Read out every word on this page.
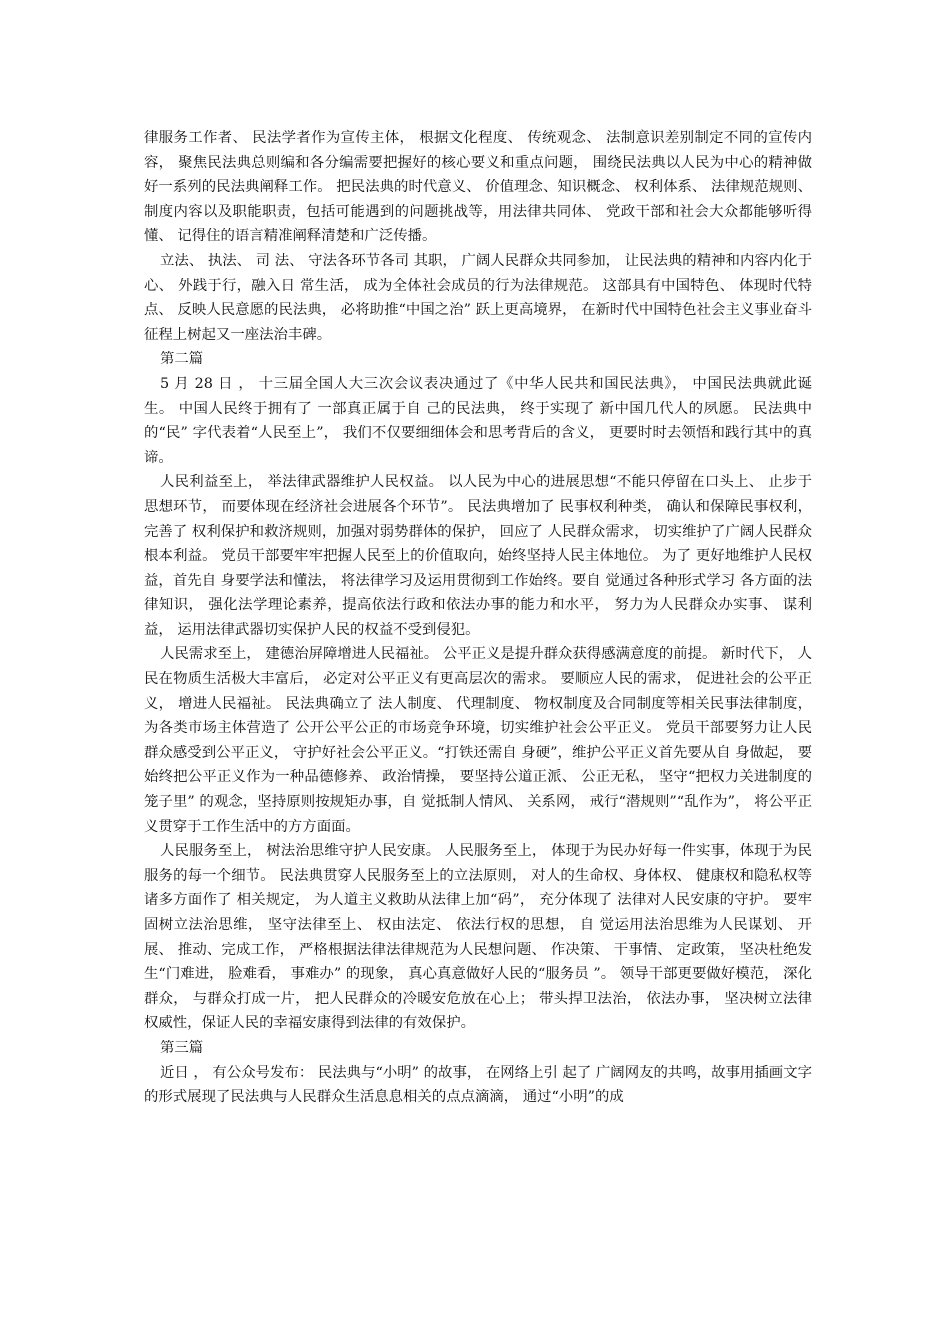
律服务工作者、 民法学者作为宣传主体， 根据文化程度、 传统观念、 法制意识差别制定不同的宣传内容， 聚焦民法典总则编和各分编需要把握好的核心要义和重点问题， 围绕民法典以人民为中心的精神做好一系列的民法典阐释工作。 把民法典的时代意义、 价值理念、知识概念、 权利体系、 法律规范规则、 制度内容以及职能职责，包括可能遇到的问题挑战等，用法律共同体、 党政干部和社会大众都能够听得懂、 记得住的语言精准阐释清楚和广泛传播。

立法、 执法、 司 法、 守法各环节各司 其职， 广阔人民群众共同参加， 让民法典的精神和内容内化于心、 外践于行，融入日 常生活， 成为全体社会成员的行为法律规范。 这部具有中国特色、 体现时代特点、 反映人民意愿的民法典， 必将助推“中国之治” 跃上更高境界， 在新时代中国特色社会主义事业奋斗征程上树起又一座法治丰碑。

第二篇

5 月 28 日 ， 十三届全国人大三次会议表决通过了《中华人民共和国民法典》， 中国民法典就此诞生。 中国人民终于拥有了 一部真正属于自 己的民法典， 终于实现了 新中国几代人的夙愿。 民法典中的“民” 字代表着“人民至上”， 我们不仅要细细体会和思考背后的含义， 更要时时去领悟和践行其中的真谛。

人民利益至上， 举法律武器维护人民权益。 以人民为中心的进展思想“不能只停留在口头上、 止步于思想环节， 而要体现在经济社会进展各个环节”。 民法典增加了 民事权利种类， 确认和保障民事权利， 完善了 权利保护和救济规则，加强对弱势群体的保护， 回应了 人民群众需求， 切实维护了广阔人民群众根本利益。 党员干部要牢牢把握人民至上的价值取向，始终坚持人民主体地位。 为了 更好地维护人民权益，首先自 身要学法和懂法， 将法律学习及运用贯彻到工作始终。要自 觉通过各种形式学习 各方面的法律知识， 强化法学理论素养，提高依法行政和依法办事的能力和水平， 努力为人民群众办实事、 谋利益， 运用法律武器切实保护人民的权益不受到侵犯。

人民需求至上， 建德治屏障增进人民福祉。 公平正义是提升群众获得感满意度的前提。 新时代下， 人民在物质生活极大丰富后， 必定对公平正义有更高层次的需求。 要顺应人民的需求， 促进社会的公平正义， 增进人民福祉。 民法典确立了 法人制度、 代理制度、 物权制度及合同制度等相关民事法律制度， 为各类市场主体营造了 公开公平公正的市场竞争环境，切实维护社会公平正义。 党员干部要努力让人民群众感受到公平正义， 守护好社会公平正义。“打铁还需自 身硬”，维护公平正义首先要从自 身做起， 要始终把公平正义作为一种品德修养、 政治情操， 要坚持公道正派、 公正无私， 坚守“把权力关进制度的笼子里” 的观念，坚持原则按规矩办事，自 觉抵制人情风、 关系网， 戒行“潜规则”“乱作为”， 将公平正义贯穿于工作生活中的方方面面。

人民服务至上， 树法治思维守护人民安康。 人民服务至上， 体现于为民办好每一件实事，体现于为民服务的每一个细节。 民法典贯穿人民服务至上的立法原则， 对人的生命权、身体权、 健康权和隐私权等诸多方面作了 相关规定， 为人道主义救助从法律上加“码”， 充分体现了 法律对人民安康的守护。 要牢固树立法治思维， 坚守法律至上、 权由法定、 依法行权的思想， 自 觉运用法治思维为人民谋划、 开展、 推动、完成工作， 严格根据法律法律规范为人民想问题、 作决策、 干事情、 定政策， 坚决杜绝发生“门难进， 脸难看， 事难办” 的现象， 真心真意做好人民的“服务员 ”。 领导干部更要做好模范， 深化群众， 与群众打成一片， 把人民群众的冷暖安危放在心上； 带头捍卫法治， 依法办事， 坚决树立法律权威性，保证人民的幸福安康得到法律的有效保护。

第三篇

近日 ， 有公众号发布： 民法典与“小明” 的故事， 在网络上引 起了 广阔网友的共鸣，故事用插画文字的形式展现了民法典与人民群众生活息息相关的点点滴滴， 通过“小明”的成
